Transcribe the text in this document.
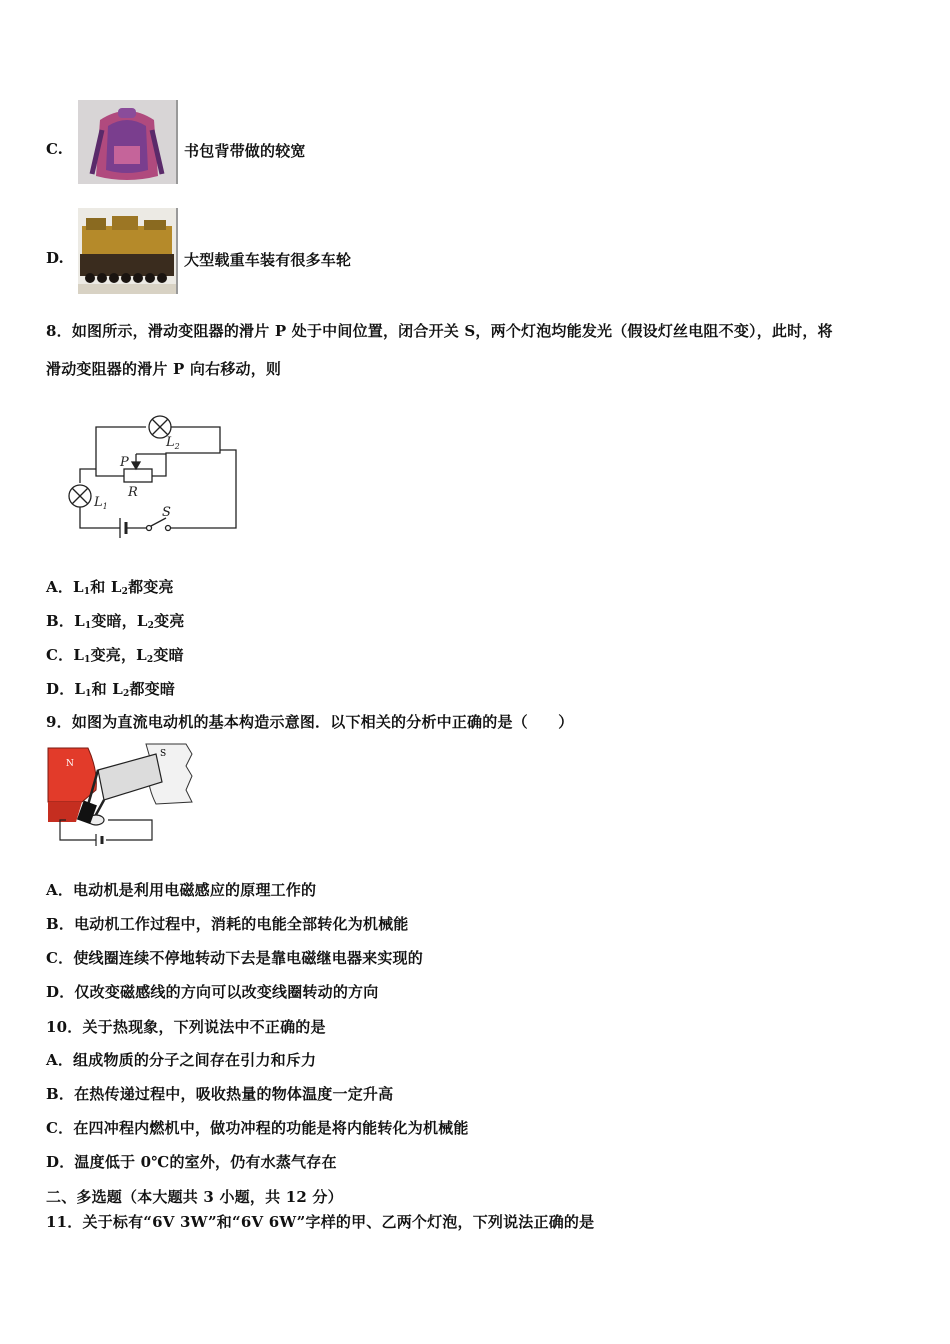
C.	书包背带做的较宽
D.	大型载重车装有很多车轮
8．如图所示，滑动变阻器的滑片 P 处于中间位置，闭合开关 S，两个灯泡均能发光（假设灯丝电阻不变），此时，将
滑动变阻器的滑片 P 向右移动，则
$L_2$
P
R
$L_1$	S
A．$L_1$和 $L_2$都变亮
B．$L_1$变暗，$L_2$变亮
C．$L_1$变亮，$L_2$变暗
D．$L_1$和 $L_2$都变暗
9．如图为直流电动机的基本构造示意图．以下相关的分析中正确的是（　　）
N
S
A．电动机是利用电磁感应的原理工作的
B．电动机工作过程中，消耗的电能全部转化为机械能
C．使线圈连续不停地转动下去是靠电磁继电器来实现的
D．仅改变磁感线的方向可以改变线圈转动的方向
10．关于热现象，下列说法中不正确的是
A．组成物质的分子之间存在引力和斥力
B．在热传递过程中，吸收热量的物体温度一定升高
C．在四冲程内燃机中，做功冲程的功能是将内能转化为机械能
D．温度低于 0℃的室外，仍有水蒸气存在
二、多选题（本大题共 3 小题，共 12 分）
11．关于标有“6V 3W”和“6V 6W”字样的甲、乙两个灯泡，下列说法正确的是
